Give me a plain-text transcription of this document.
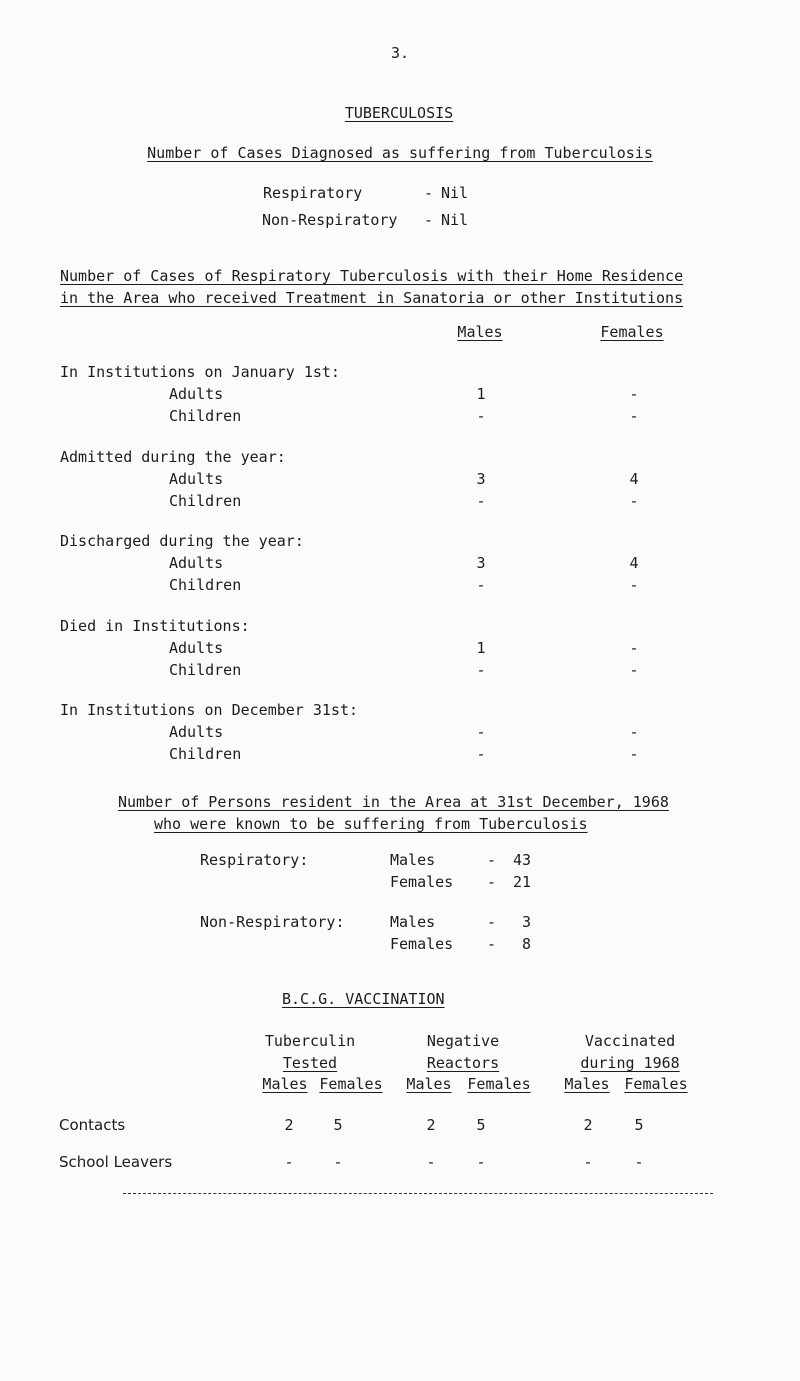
3.
TUBERCULOSIS
Number of Cases Diagnosed as suffering from Tuberculosis
Respiratory	- Nil
Non-Respiratory - Nil
Number of Cases of Respiratory Tuberculosis with their Home Residence
in the Area who received Treatment in Sanatoria or other Institutions
Males	Females
In Institutions on January 1st:
Adults	1	-
Children	-	-
Admitted during the year:
Adults	3	4
Children	-	-
Discharged during the year:
Adults	3	4
Children	-	-
Died in Institutions:
Adults	1	-
Children	-	-
In Institutions on December 31st:
Adults	-	-
Children	-	-
Number of Persons resident in the Area at 31st December, 1968
who were known to be suffering from Tuberculosis
Respiratory:	Males	- 43
Females - 21
Non-Respiratory:	Males	- 3
Females - 8
B.C.G. VACCINATION
Tuberculin
Tested
Negative
Reactors
Vaccinated
during 1968
Males Females Males Females Males Females
Contacts	2	5	2	5	2	5
School Leavers	-	-	-	-	-	-
